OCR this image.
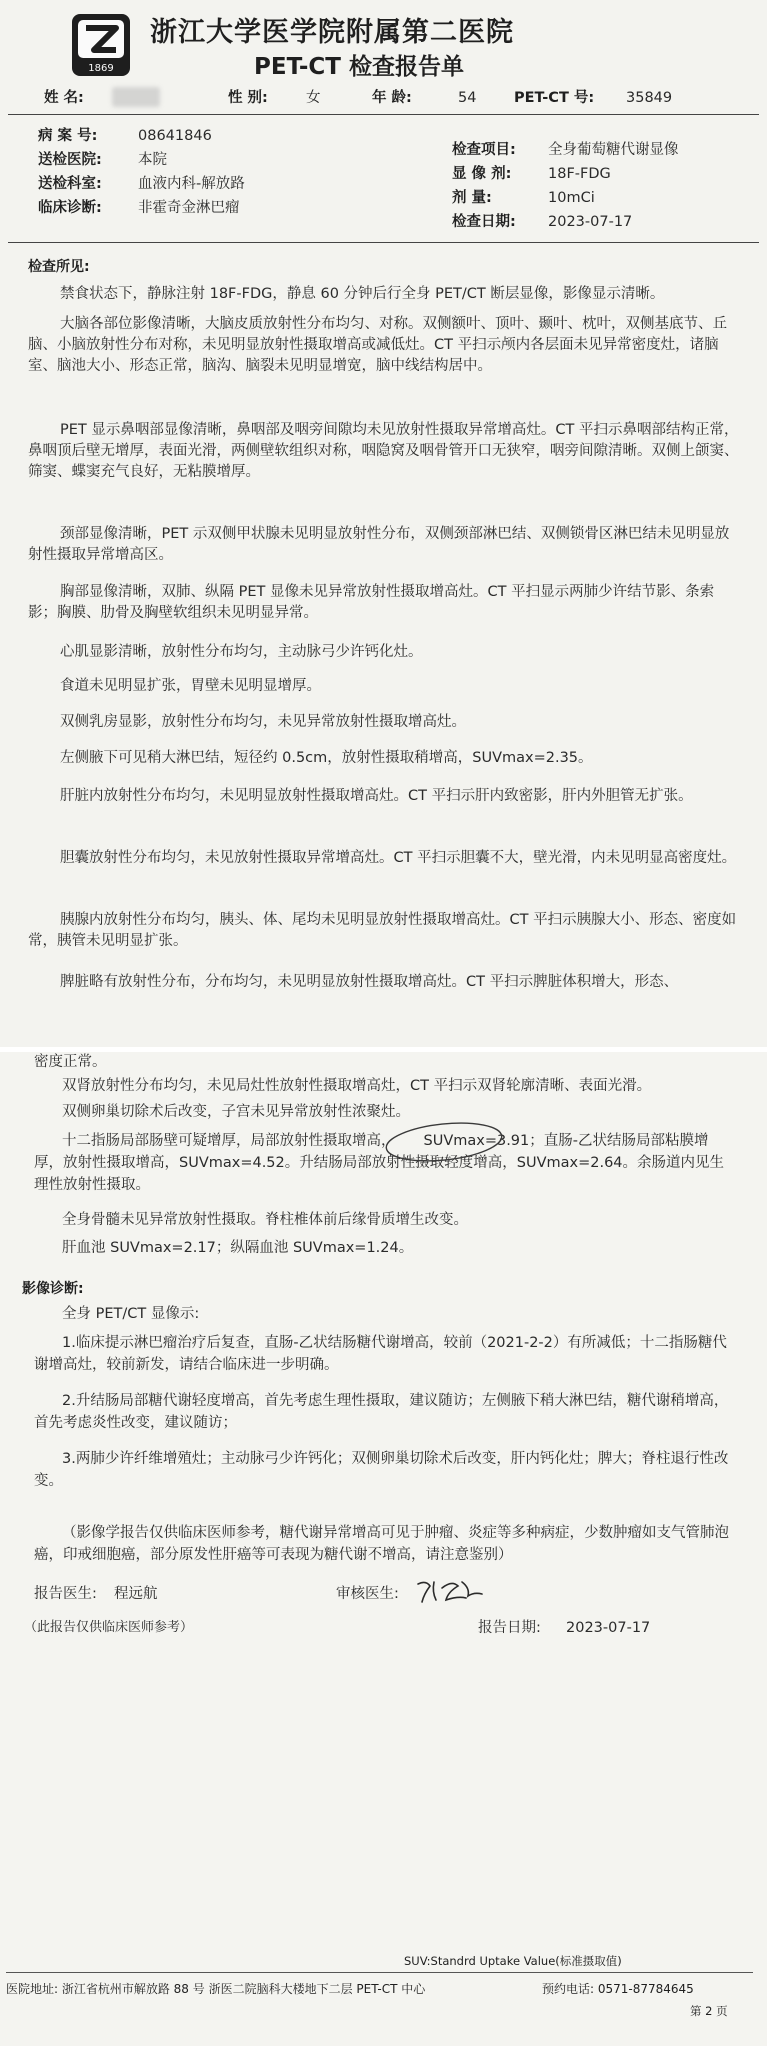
1869
浙江大学医学院附属第二医院
PET-CT 检查报告单
姓 名:	性 别:	女	年 龄:	54	PET-CT 号: 35849
病 案 号:	08641846
送检医院: 本院
送检科室: 血液内科-解放路
临床诊断: 非霍奇金淋巴瘤
检查项目: 全身葡萄糖代谢显像
显 像 剂:	18F-FDG
剂 量:	10mCi
检查日期: 2023-07-17
检查所见:
禁食状态下，静脉注射 18F-FDG，静息 60 分钟后行全身 PET/CT 断层显像，影像显示清晰。
大脑各部位影像清晰，大脑皮质放射性分布均匀、对称。双侧额叶、顶叶、颞叶、枕叶，双侧基底节、丘脑、小脑放射性分布对称，未见明显放射性摄取增高或减低灶。CT 平扫示颅内各层面未见异常密度灶，诸脑室、脑池大小、形态正常，脑沟、脑裂未见明显增宽，脑中线结构居中。
PET 显示鼻咽部显像清晰，鼻咽部及咽旁间隙均未见放射性摄取异常增高灶。CT 平扫示鼻咽部结构正常，鼻咽顶后壁无增厚，表面光滑，两侧壁软组织对称，咽隐窝及咽骨管开口无狭窄，咽旁间隙清晰。双侧上颌窦、筛窦、蝶窦充气良好，无粘膜增厚。
颈部显像清晰，PET 示双侧甲状腺未见明显放射性分布，双侧颈部淋巴结、双侧锁骨区淋巴结未见明显放射性摄取异常增高区。
胸部显像清晰，双肺、纵隔 PET 显像未见异常放射性摄取增高灶。CT 平扫显示两肺少许结节影、条索影；胸膜、肋骨及胸壁软组织未见明显异常。
心肌显影清晰，放射性分布均匀，主动脉弓少许钙化灶。
食道未见明显扩张，胃壁未见明显增厚。
双侧乳房显影，放射性分布均匀，未见异常放射性摄取增高灶。
左侧腋下可见稍大淋巴结，短径约 0.5cm，放射性摄取稍增高，SUVmax=2.35。
肝脏内放射性分布均匀，未见明显放射性摄取增高灶。CT 平扫示肝内致密影，肝内外胆管无扩张。
胆囊放射性分布均匀，未见放射性摄取异常增高灶。CT 平扫示胆囊不大，壁光滑，内未见明显高密度灶。
胰腺内放射性分布均匀，胰头、体、尾均未见明显放射性摄取增高灶。CT 平扫示胰腺大小、形态、密度如常，胰管未见明显扩张。
脾脏略有放射性分布，分布均匀，未见明显放射性摄取增高灶。CT 平扫示脾脏体积增大，形态、
密度正常。
双肾放射性分布均匀，未见局灶性放射性摄取增高灶，CT 平扫示双肾轮廓清晰、表面光滑。
双侧卵巢切除术后改变，子宫未见异常放射性浓聚灶。
十二指肠局部肠壁可疑增厚，局部放射性摄取增高， SUVmax=3.91
；直肠-乙状结肠局部粘膜增厚，放射性摄取增高，SUVmax=4.52。升结肠局部放射性摄取轻度增高，SUVmax=2.64。余肠道内见生理性放射性摄取。
全身骨髓未见异常放射性摄取。脊柱椎体前后缘骨质增生改变。
肝血池 SUVmax=2.17；纵隔血池 SUVmax=1.24。
影像诊断:
全身 PET/CT 显像示:
1.临床提示淋巴瘤治疗后复查，直肠-乙状结肠糖代谢增高，较前（2021-2-2）有所减低；十二指肠糖代谢增高灶，较前新发，请结合临床进一步明确。
2.升结肠局部糖代谢轻度增高，首先考虑生理性摄取，建议随访；左侧腋下稍大淋巴结，糖代谢稍增高，首先考虑炎性改变，建议随访；
3.两肺少许纤维增殖灶；主动脉弓少许钙化；双侧卵巢切除术后改变，肝内钙化灶；脾大；脊柱退行性改变。
（影像学报告仅供临床医师参考，糖代谢异常增高可见于肿瘤、炎症等多种病症，少数肿瘤如支气管肺泡癌，印戒细胞癌，部分原发性肝癌等可表现为糖代谢不增高，请注意鉴别）
报告医生: 程远航	审核医生:
（此报告仅供临床医师参考）	报告日期: 2023-07-17
SUV:Standrd Uptake Value(标准摄取值)
医院地址: 浙江省杭州市解放路 88 号 浙医二院脑科大楼地下二层 PET-CT 中心	预约电话: 0571-87784645
第 2 页
